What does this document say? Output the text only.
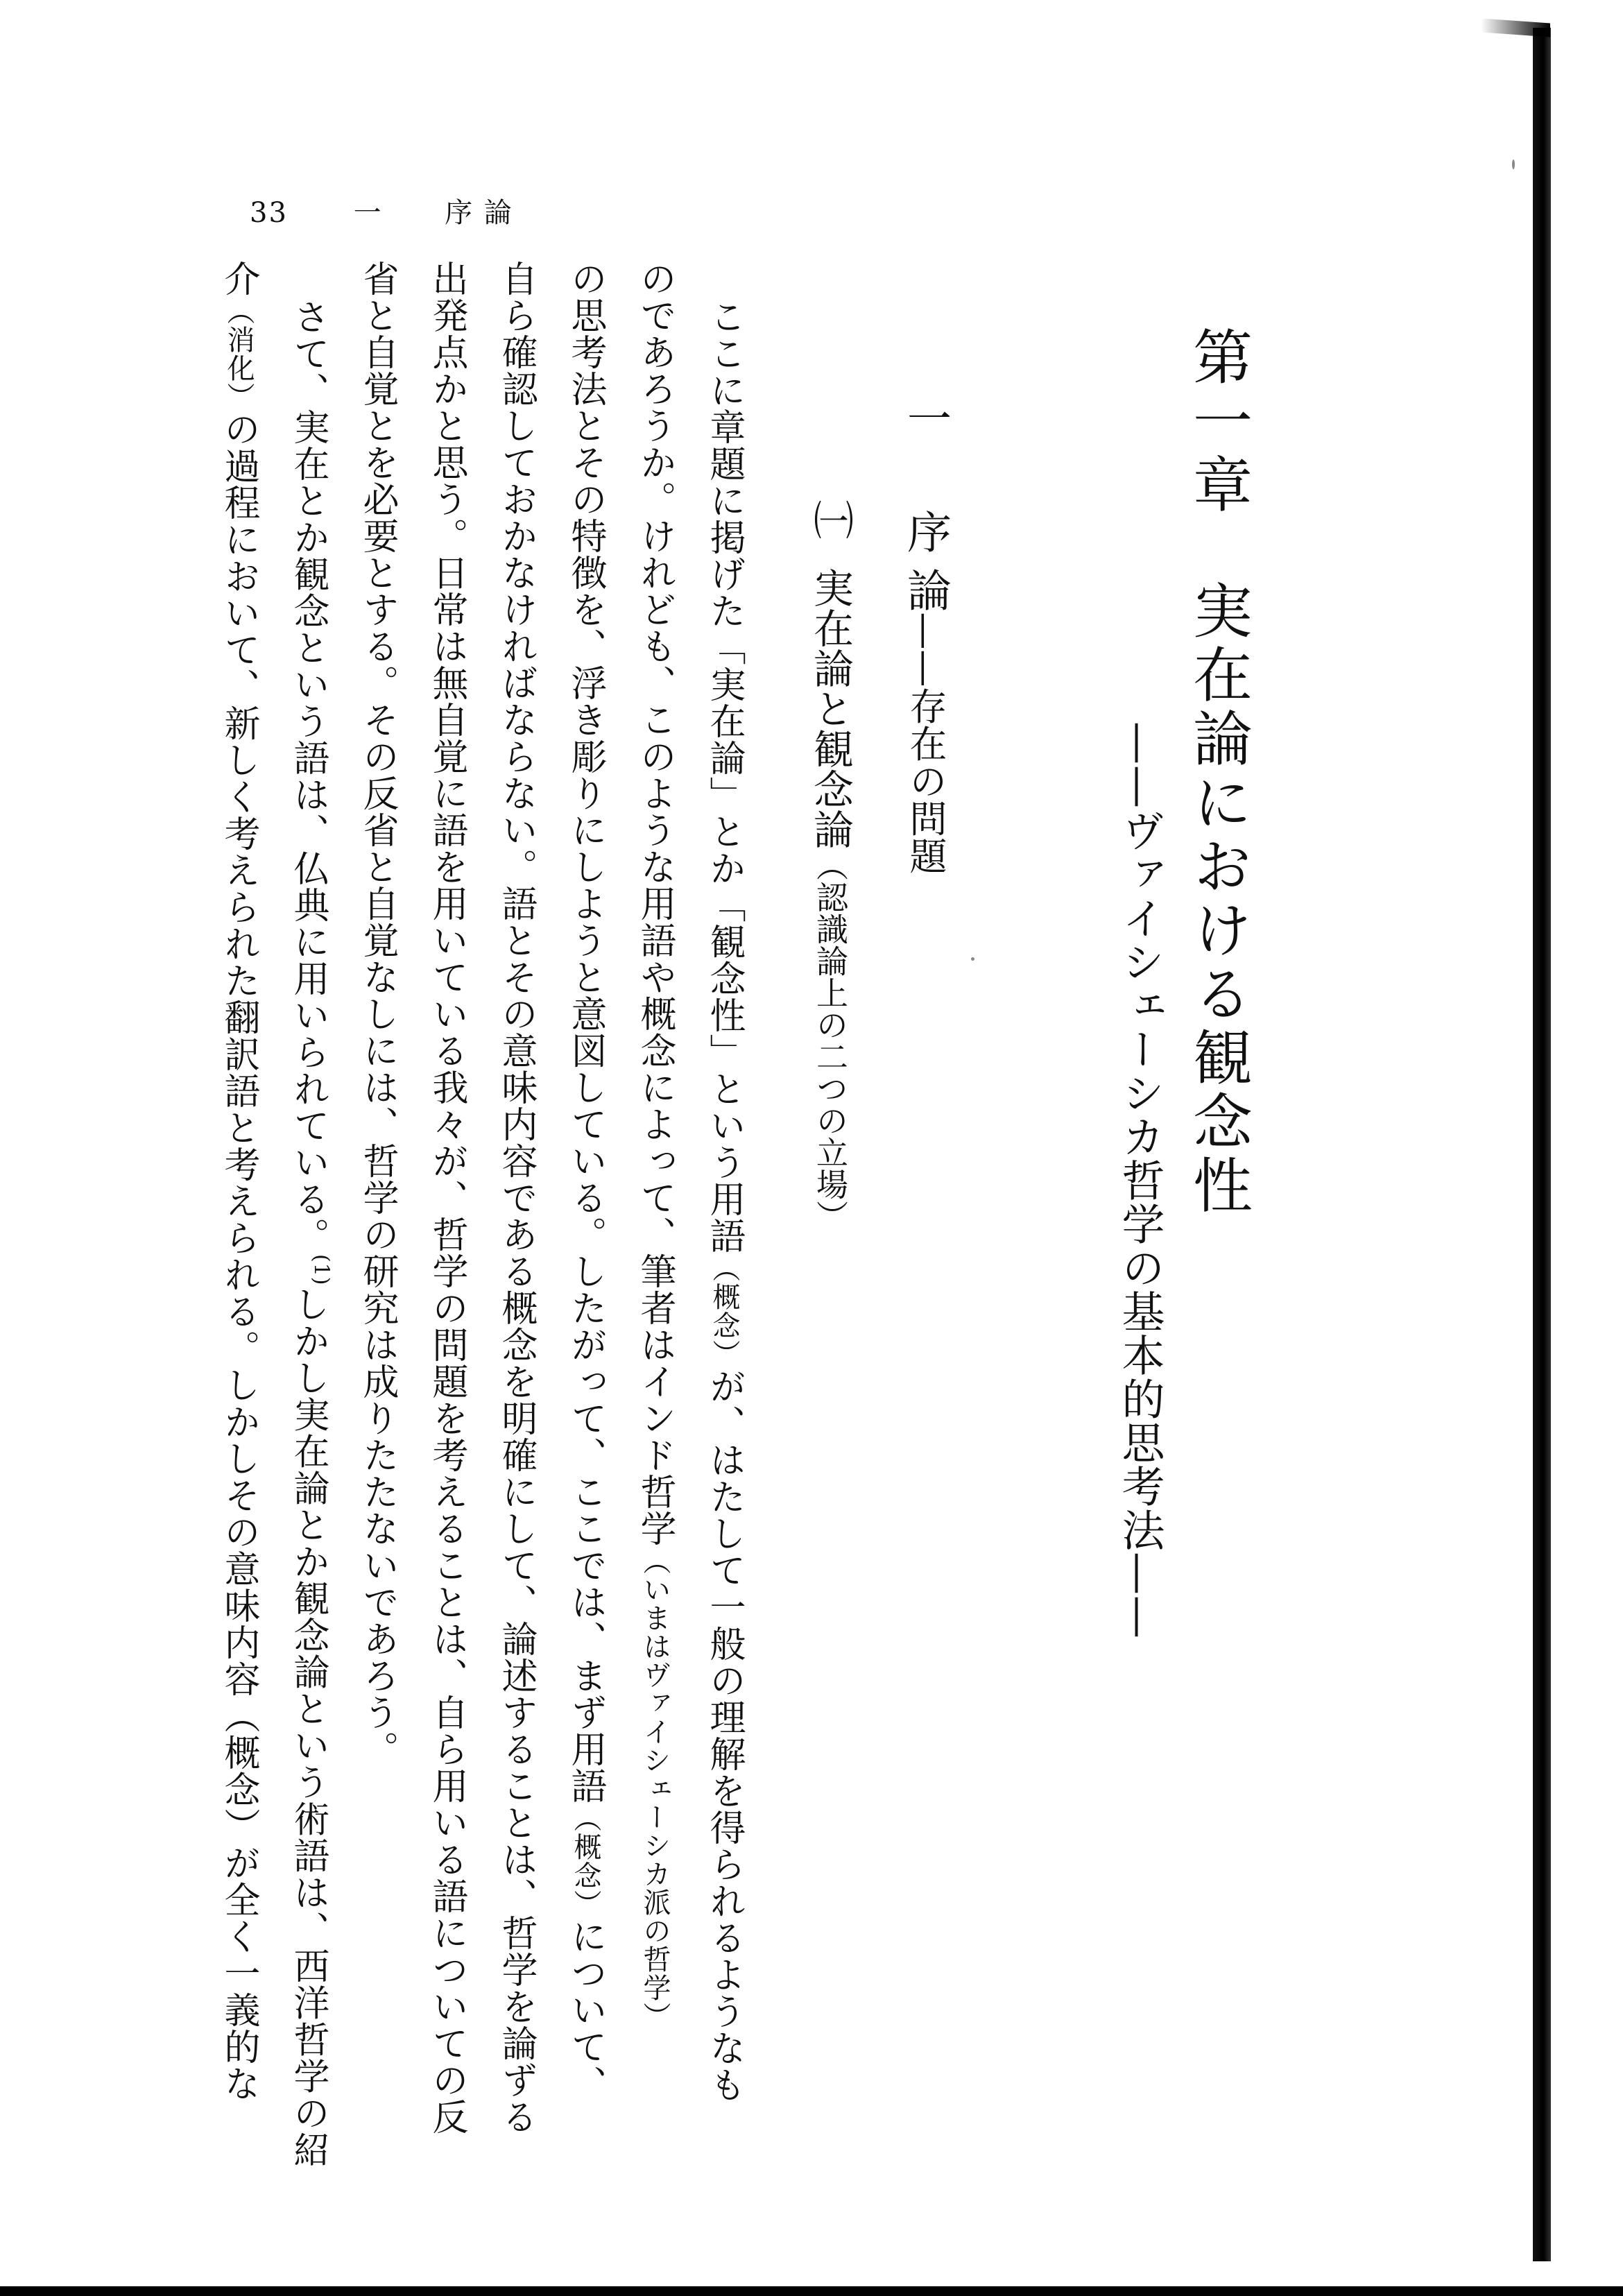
33 一 序 論
第一章実在論における観念性
——ヴァイシェーシカ哲学の基本的思考法——
一序 論——存在の問題
㈠実在論と観念論（認識論上の二つの立場）
ここに章題に掲げた「実在論」とか「観念性」という用語（概念）が、はたして一般の理解を得られるようなも
のであろうか。けれども、このような用語や概念によって、筆者はインド哲学（いまはヴァイシェーシカ派の哲学）
の思考法とその特徴を、浮き彫りにしようと意図している。したがって、ここでは、まず用語（概念）について、
自ら確認しておかなければならない。語とその意味内容である概念を明確にして、論述することは、哲学を論ずる
出発点かと思う。日常は無自覚に語を用いている我々が、哲学の問題を考えることは、自ら用いる語についての反
省と自覚とを必要とする。その反省と自覚なしには、哲学の研究は成りたたないであろう。
さて、実在とか観念という語は、仏典に用いられている。$^{(1)}$しかし実在論とか観念論という術語は、西洋哲学の紹
介（消化）の過程において、新しく考えられた翻訳語と考えられる。しかしその意味内容（概念）が全く一義的な
